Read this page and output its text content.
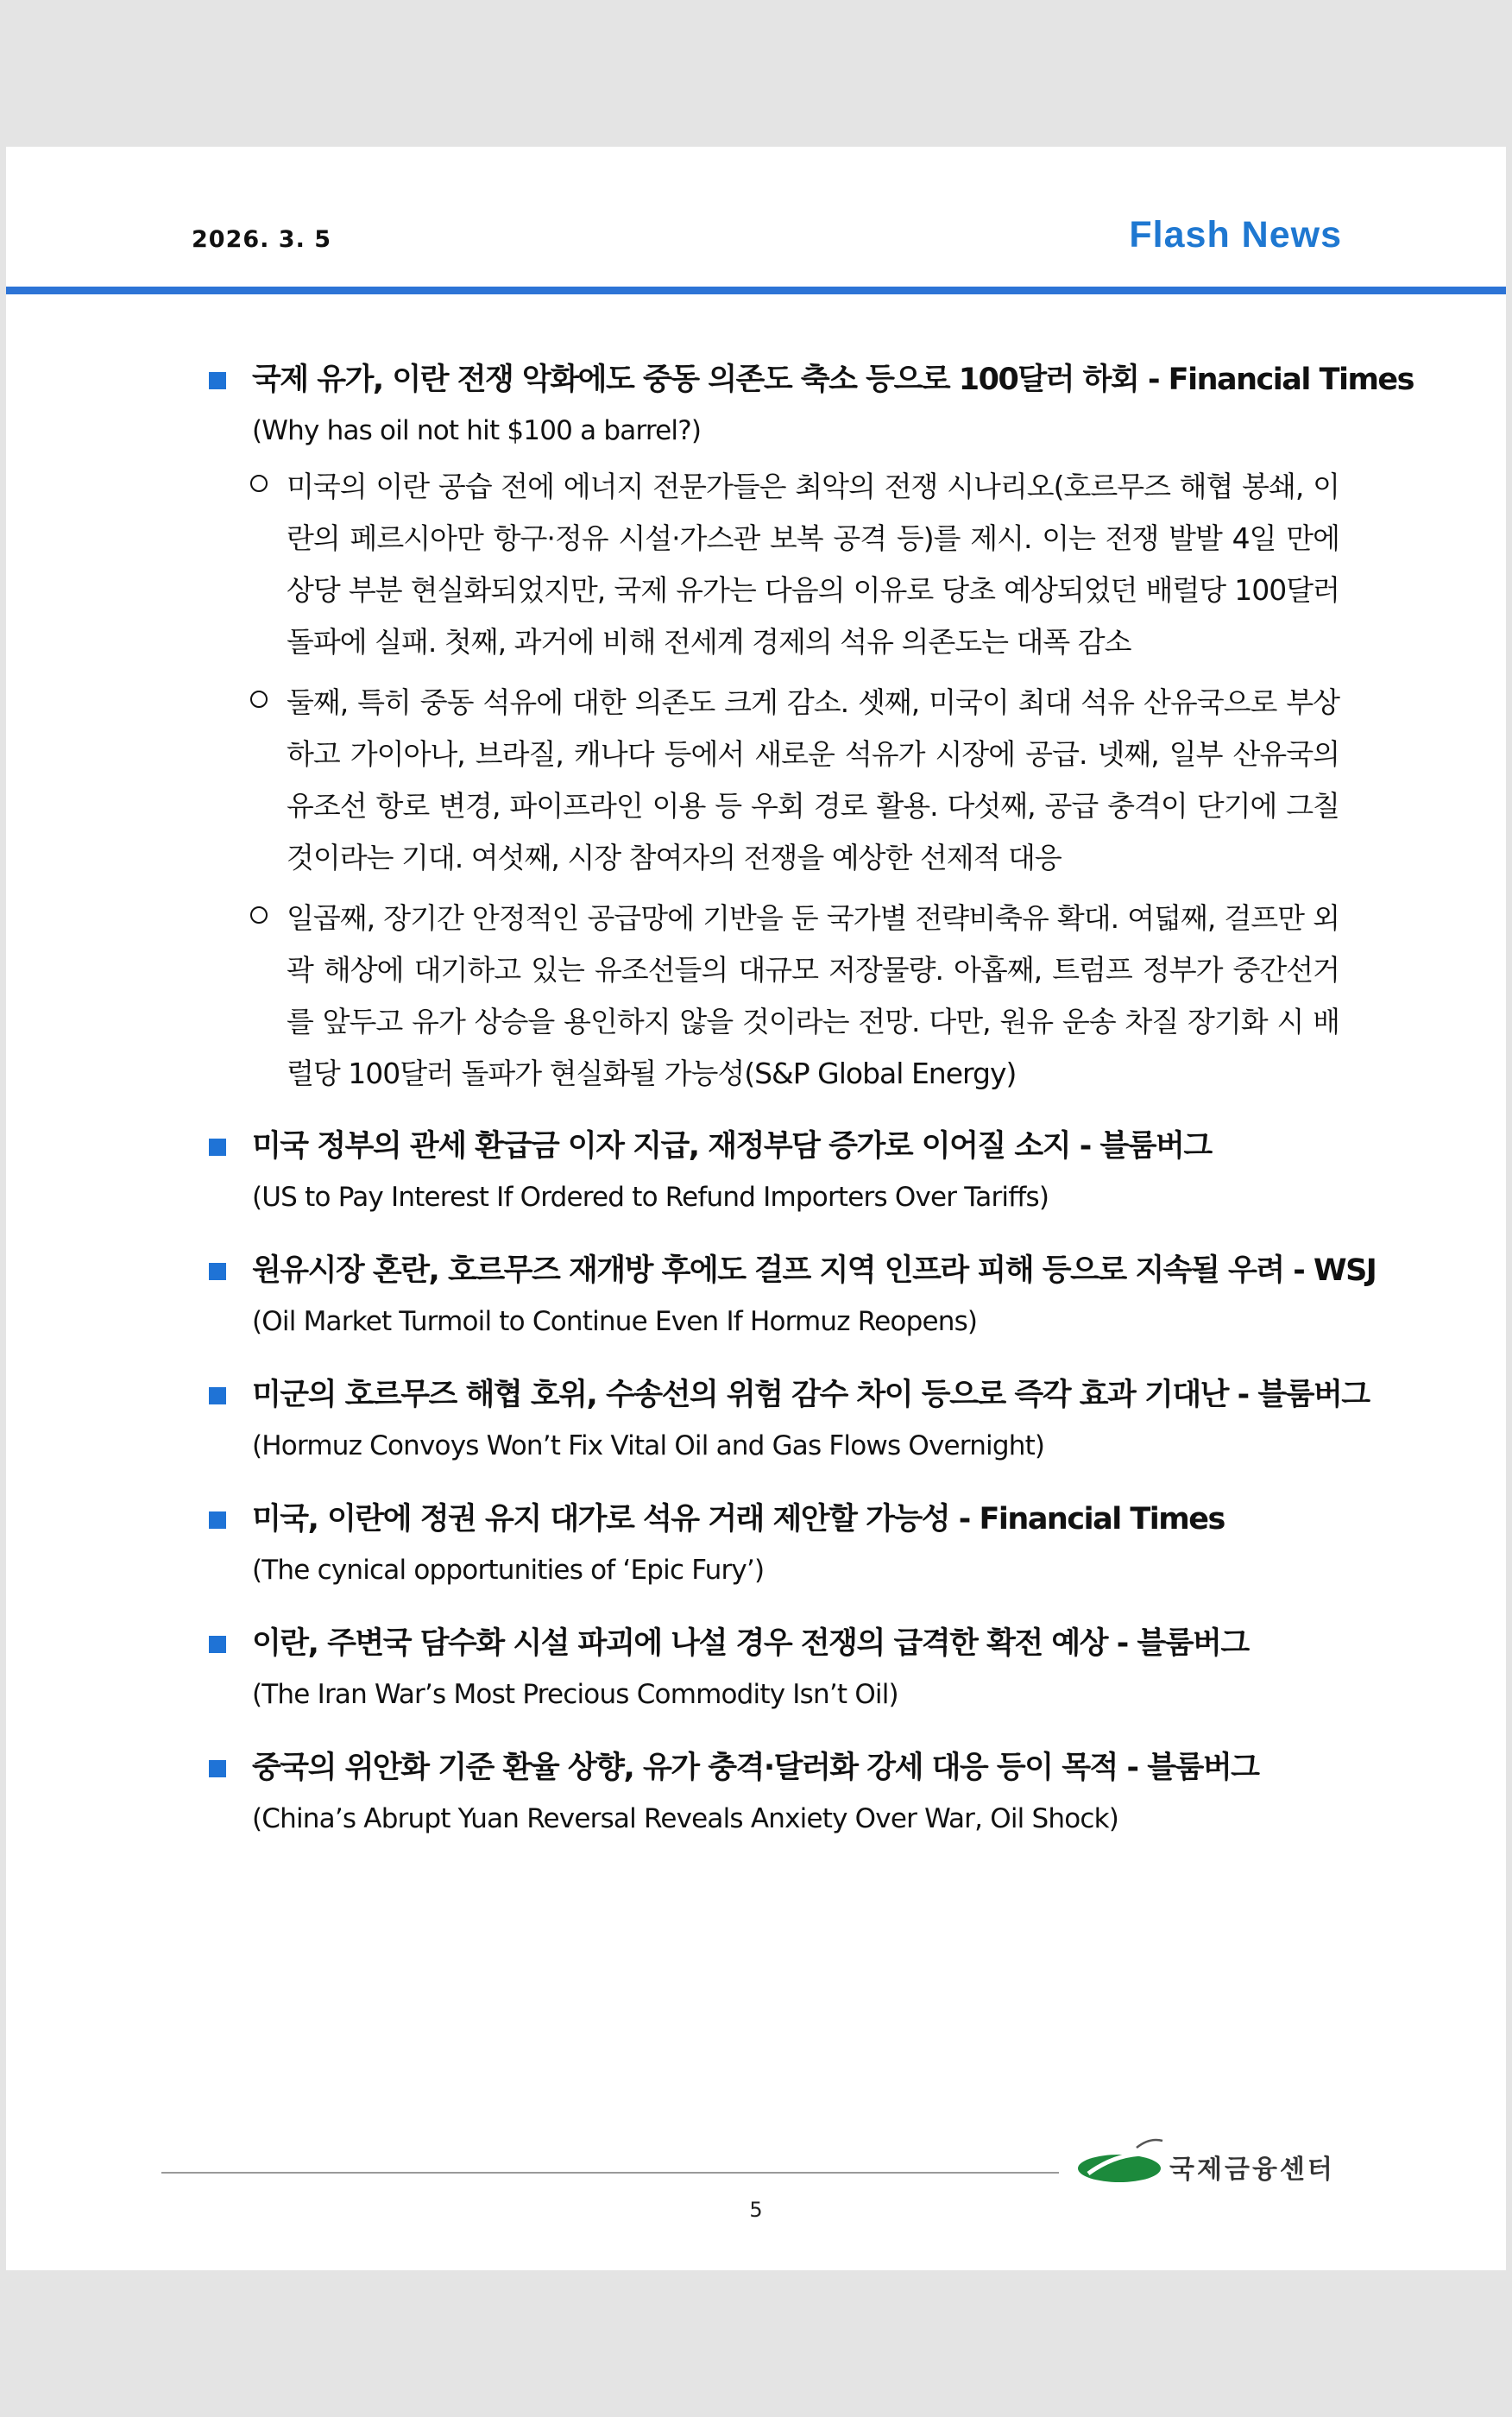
2026. 3. 5	Flash News
국제 유가, 이란 전쟁 악화에도 중동 의존도 축소 등으로 100달러 하회 - Financial Times
(Why has oil not hit $100 a barrel?)
미국의 이란 공습 전에 에너지 전문가들은 최악의 전쟁 시나리오(호르무즈 해협 봉쇄, 이란의 페르시아만 항구·정유 시설·가스관 보복 공격 등)를 제시. 이는 전쟁 발발 4일 만에 상당 부분 현실화되었지만, 국제 유가는 다음의 이유로 당초 예상되었던 배럴당 100달러 돌파에 실패. 첫째, 과거에 비해 전세계 경제의 석유 의존도는 대폭 감소
둘째, 특히 중동 석유에 대한 의존도 크게 감소. 셋째, 미국이 최대 석유 산유국으로 부상하고 가이아나, 브라질, 캐나다 등에서 새로운 석유가 시장에 공급. 넷째, 일부 산유국의 유조선 항로 변경, 파이프라인 이용 등 우회 경로 활용. 다섯째, 공급 충격이 단기에 그칠 것이라는 기대. 여섯째, 시장 참여자의 전쟁을 예상한 선제적 대응
일곱째, 장기간 안정적인 공급망에 기반을 둔 국가별 전략비축유 확대. 여덟째, 걸프만 외곽 해상에 대기하고 있는 유조선들의 대규모 저장물량. 아홉째, 트럼프 정부가 중간선거를 앞두고 유가 상승을 용인하지 않을 것이라는 전망. 다만, 원유 운송 차질 장기화 시 배럴당 100달러 돌파가 현실화될 가능성(S&P Global Energy)
미국 정부의 관세 환급금 이자 지급, 재정부담 증가로 이어질 소지 - 블룸버그
(US to Pay Interest If Ordered to Refund Importers Over Tariffs)
원유시장 혼란, 호르무즈 재개방 후에도 걸프 지역 인프라 피해 등으로 지속될 우려 - WSJ
(Oil Market Turmoil to Continue Even If Hormuz Reopens)
미군의 호르무즈 해협 호위, 수송선의 위험 감수 차이 등으로 즉각 효과 기대난 - 블룸버그
(Hormuz Convoys Won’t Fix Vital Oil and Gas Flows Overnight)
미국, 이란에 정권 유지 대가로 석유 거래 제안할 가능성 - Financial Times
(The cynical opportunities of ‘Epic Fury’)
이란, 주변국 담수화 시설 파괴에 나설 경우 전쟁의 급격한 확전 예상 - 블룸버그
(The Iran War’s Most Precious Commodity Isn’t Oil)
중국의 위안화 기준 환율 상향, 유가 충격·달러화 강세 대응 등이 목적 - 블룸버그
(China’s Abrupt Yuan Reversal Reveals Anxiety Over War, Oil Shock)
국제금융센터
5
